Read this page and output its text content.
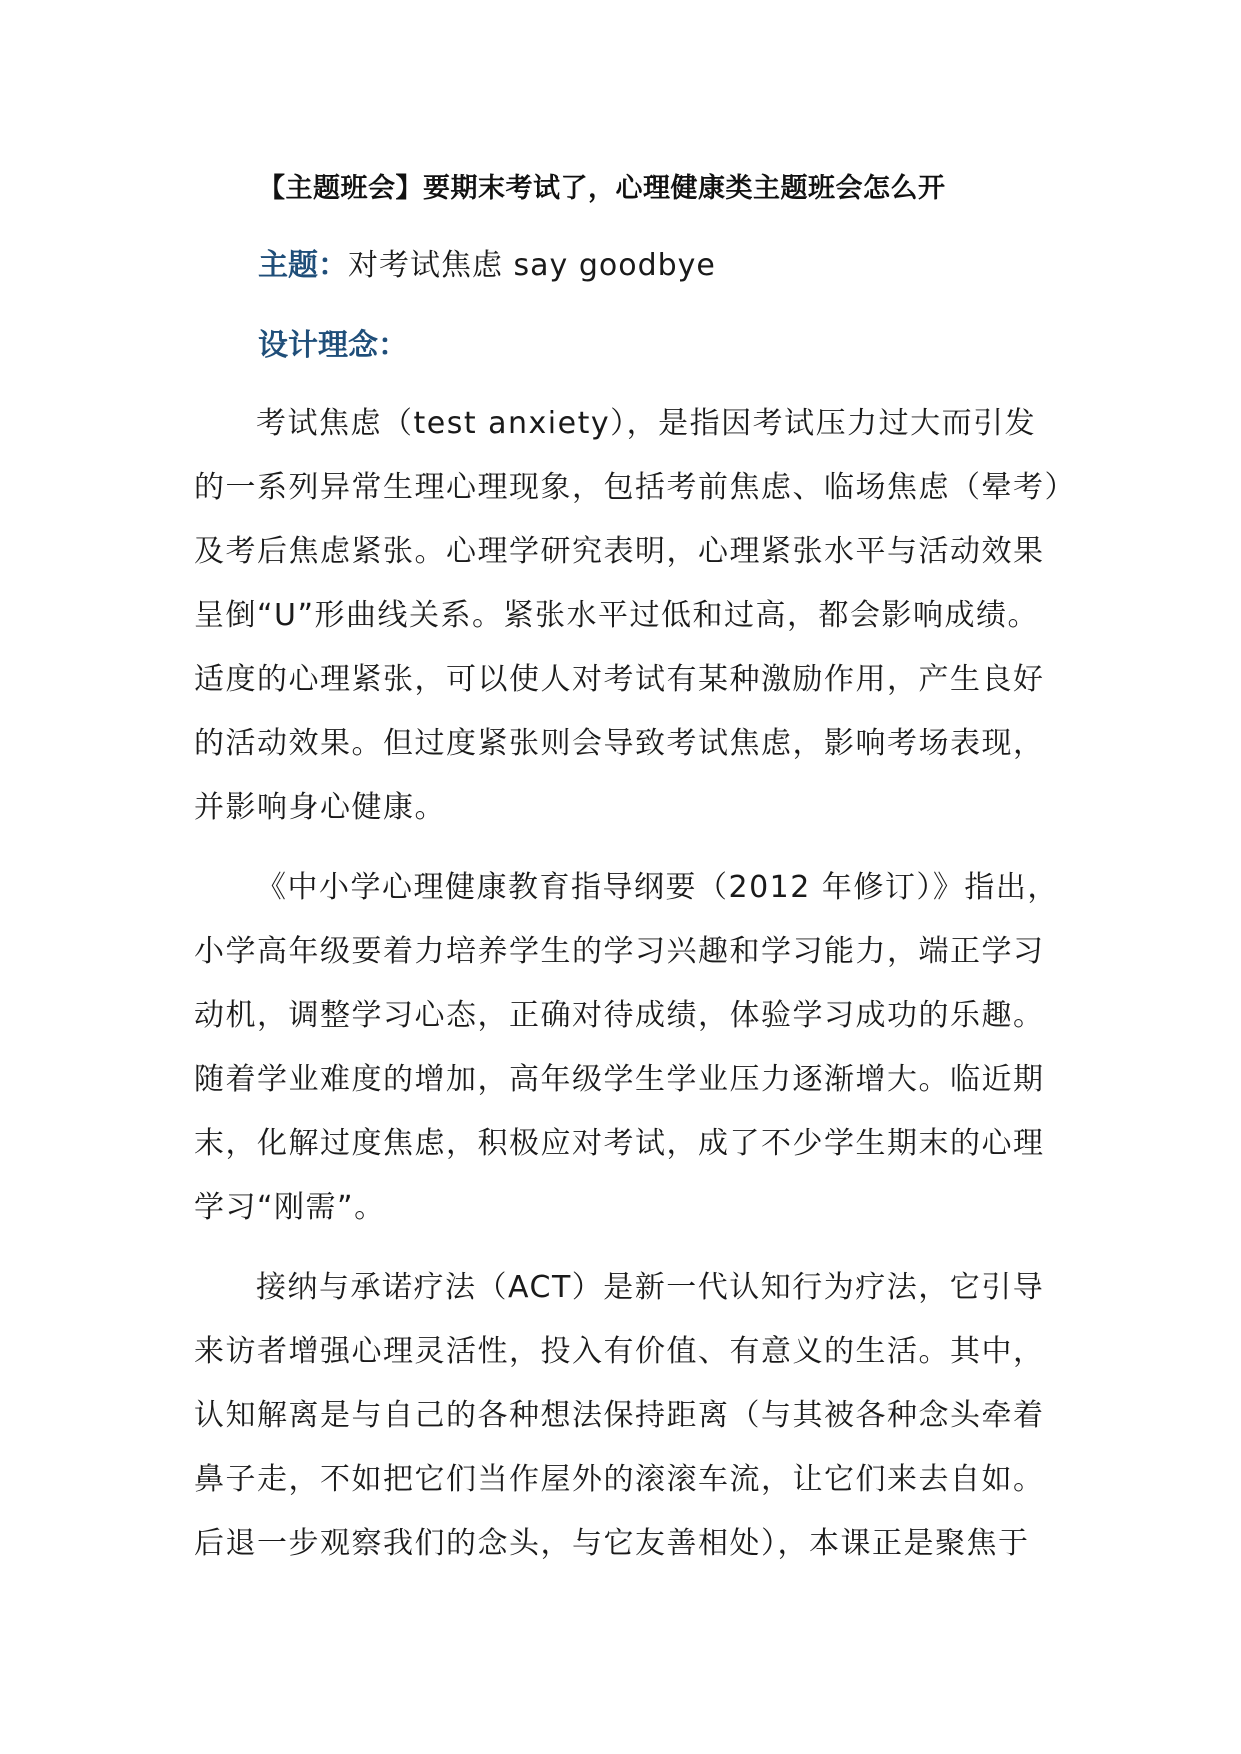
【主题班会】要期末考试了，心理健康类主题班会怎么开
主题：对考试焦虑 say goodbye
设计理念：
考试焦虑（test anxiety），是指因考试压力过大而引发
的一系列异常生理心理现象，包括考前焦虑、临场焦虑（晕考）
及考后焦虑紧张。心理学研究表明，心理紧张水平与活动效果
呈倒“U”形曲线关系。紧张水平过低和过高，都会影响成绩。
适度的心理紧张，可以使人对考试有某种激励作用，产生良好
的活动效果。但过度紧张则会导致考试焦虑，影响考场表现，
并影响身心健康。
《中小学心理健康教育指导纲要（2012 年修订）》指出，
小学高年级要着力培养学生的学习兴趣和学习能力，端正学习
动机，调整学习心态，正确对待成绩，体验学习成功的乐趣。
随着学业难度的增加，高年级学生学业压力逐渐增大。临近期
末，化解过度焦虑，积极应对考试，成了不少学生期末的心理
学习“刚需”。
接纳与承诺疗法（ACT）是新一代认知行为疗法，它引导
来访者增强心理灵活性，投入有价值、有意义的生活。其中，
认知解离是与自己的各种想法保持距离（与其被各种念头牵着
鼻子走，不如把它们当作屋外的滚滚车流，让它们来去自如。
后退一步观察我们的念头，与它友善相处），本课正是聚焦于
